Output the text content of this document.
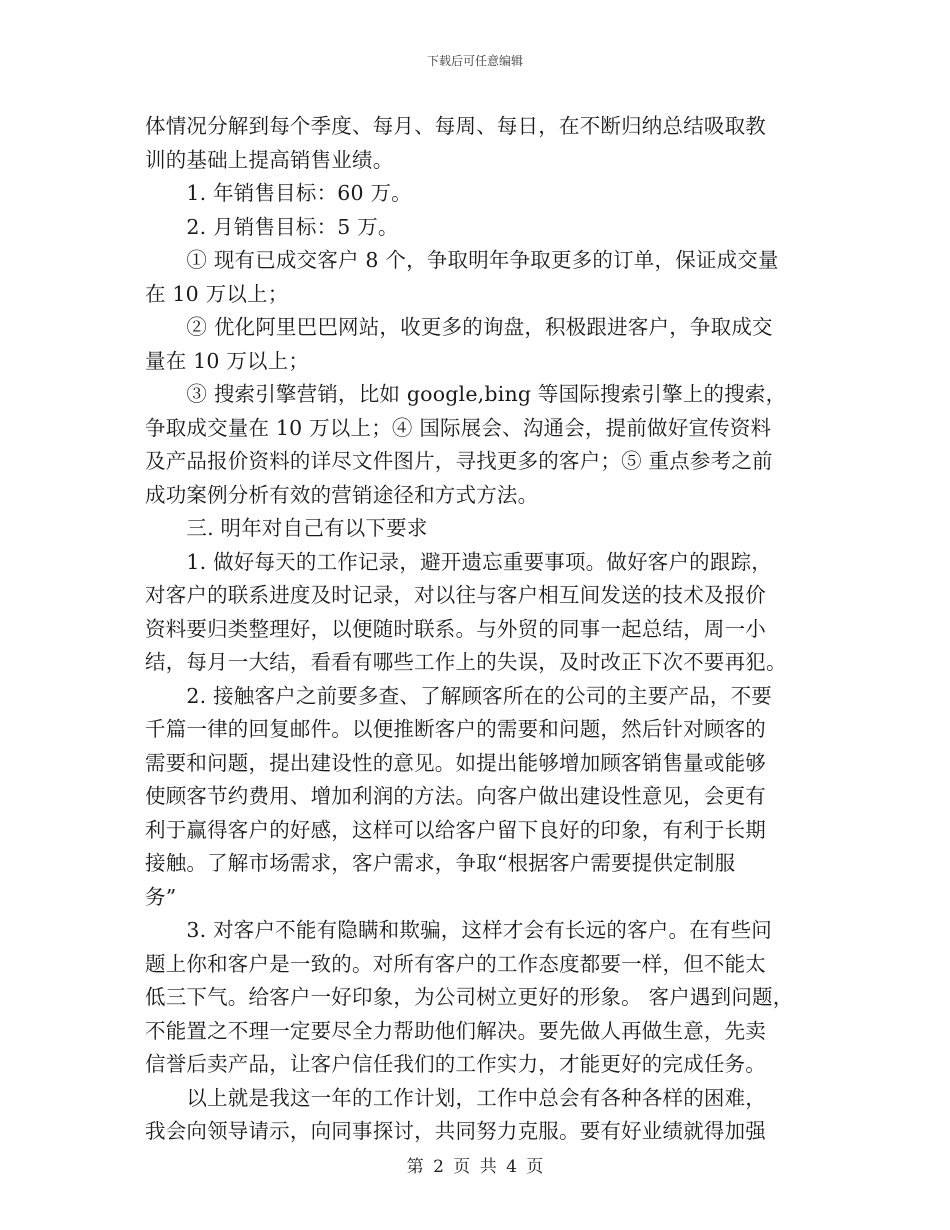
下载后可任意编辑
体情况分解到每个季度、每月、每周、每日，在不断归纳总结吸取教
训的基础上提高销售业绩。
　　1. 年销售目标：60 万。
　　2. 月销售目标：5 万。
　　① 现有已成交客户 8 个，争取明年争取更多的订单，保证成交量
在 10 万以上；
　　② 优化阿里巴巴网站，收更多的询盘，积极跟进客户，争取成交
量在 10 万以上；
　　③ 搜索引擎营销，比如 google,bing 等国际搜索引擎上的搜索，
争取成交量在 10 万以上；④ 国际展会、沟通会，提前做好宣传资料
及产品报价资料的详尽文件图片，寻找更多的客户；⑤ 重点参考之前
成功案例分析有效的营销途径和方式方法。
　　三. 明年对自己有以下要求
　　1. 做好每天的工作记录，避开遗忘重要事项。做好客户的跟踪，
对客户的联系进度及时记录，对以往与客户相互间发送的技术及报价
资料要归类整理好，以便随时联系。与外贸的同事一起总结，周一小
结，每月一大结，看看有哪些工作上的失误，及时改正下次不要再犯。
　　2. 接触客户之前要多查、了解顾客所在的公司的主要产品，不要
千篇一律的回复邮件。以便推断客户的需要和问题，然后针对顾客的
需要和问题，提出建设性的意见。如提出能够增加顾客销售量或能够
使顾客节约费用、增加利润的方法。向客户做出建设性意见，会更有
利于赢得客户的好感，这样可以给客户留下良好的印象，有利于长期
接触。了解市场需求，客户需求，争取“根据客户需要提供定制服
务”
　　3. 对客户不能有隐瞒和欺骗，这样才会有长远的客户。在有些问
题上你和客户是一致的。对所有客户的工作态度都要一样，但不能太
低三下气。给客户一好印象，为公司树立更好的形象。 客户遇到问题，
不能置之不理一定要尽全力帮助他们解决。要先做人再做生意，先卖
信誉后卖产品，让客户信任我们的工作实力，才能更好的完成任务。
　　以上就是我这一年的工作计划，工作中总会有各种各样的困难，
我会向领导请示，向同事探讨，共同努力克服。要有好业绩就得加强
第 2 页 共 4 页
